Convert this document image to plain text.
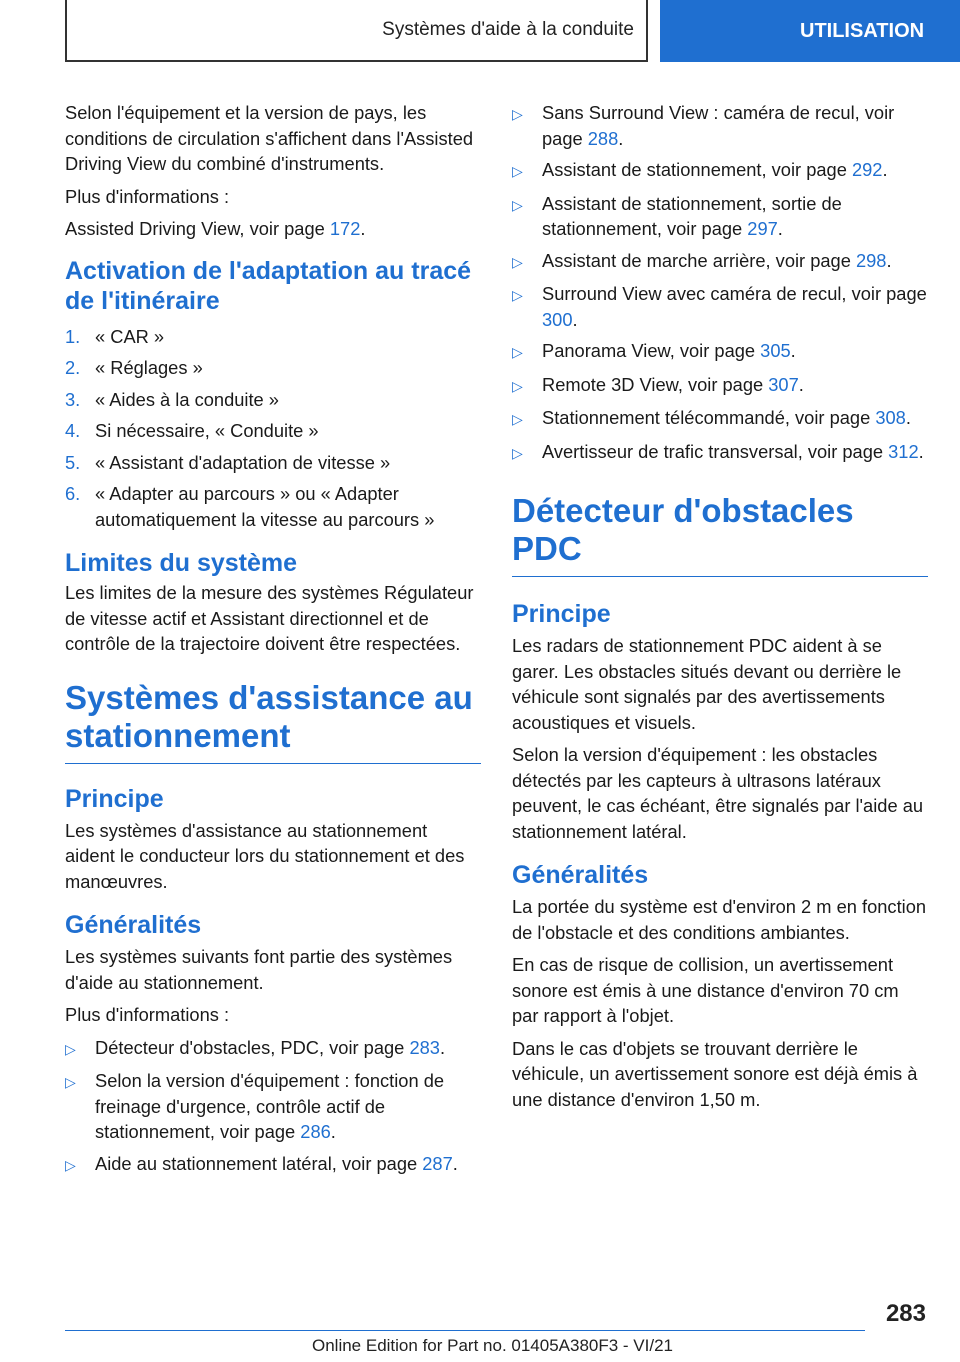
Systèmes d'aide à la conduite	UTILISATION

Selon l'équipement et la version de pays, les conditions de circulation s'affichent dans l'Assisted Driving View du combiné d'instruments.

Plus d'informations :

Assisted Driving View, voir page 172.

Activation de l'adaptation au tracé de l'itinéraire
1. « CAR »
2. « Réglages »
3. « Aides à la conduite »
4. Si nécessaire, « Conduite »
5. « Assistant d'adaptation de vitesse »
6. « Adapter au parcours » ou « Adapter automatiquement la vitesse au parcours »
Limites du système

Les limites de la mesure des systèmes Régulateur de vitesse actif et Assistant directionnel et de contrôle de la trajectoire doivent être respectées.

Systèmes d'assistance au stationnement
Principe

Les systèmes d'assistance au stationnement aident le conducteur lors du stationnement et des manœuvres.

Généralités

Les systèmes suivants font partie des systèmes d'aide au stationnement.

Plus d'informations :

▷	Détecteur d'obstacles, PDC, voir page 283.
▷	Selon la version d'équipement : fonction de freinage d'urgence, contrôle actif de stationnement, voir page 286.
▷	Aide au stationnement latéral, voir page 287.
▷	Sans Surround View : caméra de recul, voir page 288.
▷	Assistant de stationnement, voir page 292.
▷	Assistant de stationnement, sortie de stationnement, voir page 297.
▷	Assistant de marche arrière, voir page 298.
▷	Surround View avec caméra de recul, voir page 300.
▷	Panorama View, voir page 305.
▷	Remote 3D View, voir page 307.
▷	Stationnement télécommandé, voir page 308.
▷	Avertisseur de trafic transversal, voir page 312.
Détecteur d'obstacles PDC
Principe

Les radars de stationnement PDC aident à se garer. Les obstacles situés devant ou derrière le véhicule sont signalés par des avertissements acoustiques et visuels.

Selon la version d'équipement : les obstacles détectés par les capteurs à ultrasons latéraux peuvent, le cas échéant, être signalés par l'aide au stationnement latéral.

Généralités

La portée du système est d'environ 2 m en fonction de l'obstacle et des conditions ambiantes.

En cas de risque de collision, un avertissement sonore est émis à une distance d'environ 70 cm par rapport à l'objet.

Dans le cas d'objets se trouvant derrière le véhicule, un avertissement sonore est déjà émis à une distance d'environ 1,50 m.

283
Online Edition for Part no. 01405A380F3 - VI/21
